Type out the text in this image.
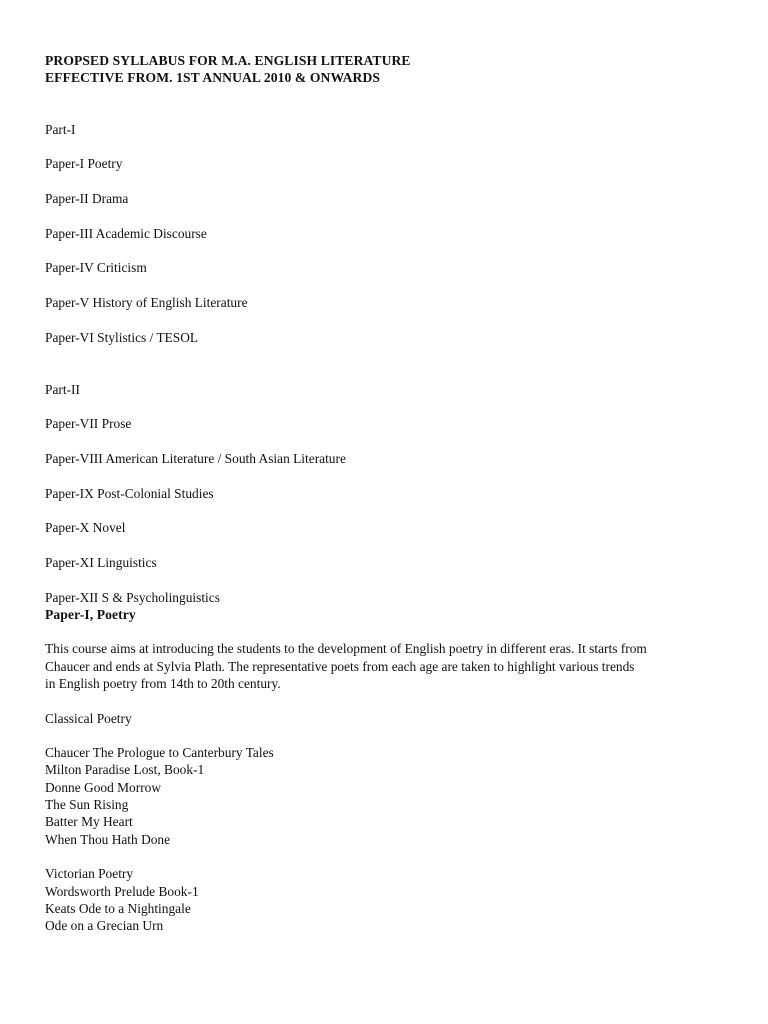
PROPSED SYLLABUS FOR M.A. ENGLISH LITERATURE
EFFECTIVE FROM. 1ST ANNUAL 2010 & ONWARDS
Part-I
Paper-I Poetry
Paper-II Drama
Paper-III Academic Discourse
Paper-IV Criticism
Paper-V History of English Literature
Paper-VI Stylistics / TESOL
Part-II
Paper-VII Prose
Paper-VIII American Literature / South Asian Literature
Paper-IX Post-Colonial Studies
Paper-X Novel
Paper-XI Linguistics
Paper-XII S & Psycholinguistics
Paper-I, Poetry
This course aims at introducing the students to the development of English poetry in different eras. It starts from
Chaucer and ends at Sylvia Plath. The representative poets from each age are taken to highlight various trends
in English poetry from 14th to 20th century.
Classical Poetry
Chaucer The Prologue to Canterbury Tales
Milton Paradise Lost, Book-1
Donne Good Morrow
The Sun Rising
Batter My Heart
When Thou Hath Done
Victorian Poetry
Wordsworth Prelude Book-1
Keats Ode to a Nightingale
Ode on a Grecian Urn
